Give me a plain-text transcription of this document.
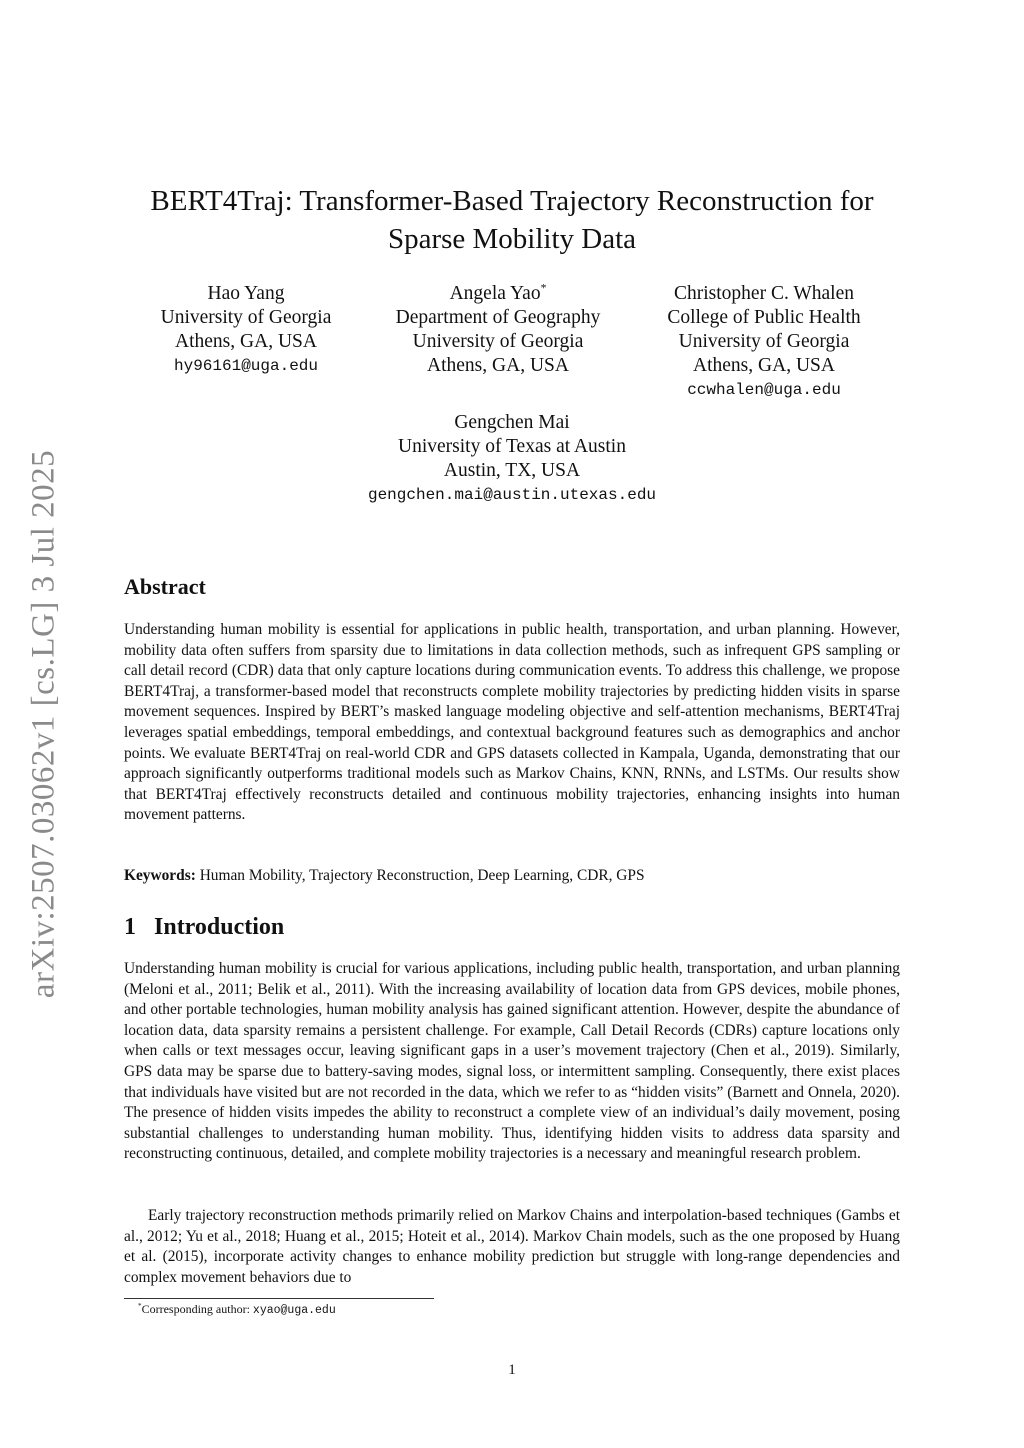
arXiv:2507.03062v1 [cs.LG] 3 Jul 2025
BERT4Traj: Transformer-Based Trajectory Reconstruction for Sparse Mobility Data
Hao Yang
University of Georgia
Athens, GA, USA
hy96161@uga.edu
Angela Yao*
Department of Geography
University of Georgia
Athens, GA, USA
Christopher C. Whalen
College of Public Health
University of Georgia
Athens, GA, USA
ccwhalen@uga.edu
Gengchen Mai
University of Texas at Austin
Austin, TX, USA
gengchen.mai@austin.utexas.edu
Abstract

Understanding human mobility is essential for applications in public health, transportation, and urban planning. However, mobility data often suffers from sparsity due to limitations in data collection methods, such as infrequent GPS sampling or call detail record (CDR) data that only capture locations during communication events. To address this challenge, we propose BERT4Traj, a transformer-based model that reconstructs complete mobility trajectories by predicting hidden visits in sparse movement sequences. Inspired by BERT’s masked language modeling objective and self-attention mechanisms, BERT4Traj leverages spatial embeddings, temporal embeddings, and contextual background features such as demographics and anchor points. We evaluate BERT4Traj on real-world CDR and GPS datasets collected in Kampala, Uganda, demonstrating that our approach significantly outperforms traditional models such as Markov Chains, KNN, RNNs, and LSTMs. Our results show that BERT4Traj effectively reconstructs detailed and continuous mobility trajectories, enhancing insights into human movement patterns.

Keywords: Human Mobility, Trajectory Reconstruction, Deep Learning, CDR, GPS

1 Introduction

Understanding human mobility is crucial for various applications, including public health, transportation, and urban planning (Meloni et al., 2011; Belik et al., 2011). With the increasing availability of location data from GPS devices, mobile phones, and other portable technologies, human mobility analysis has gained significant attention. However, despite the abundance of location data, data sparsity remains a persistent challenge. For example, Call Detail Records (CDRs) capture locations only when calls or text messages occur, leaving significant gaps in a user’s movement trajectory (Chen et al., 2019). Similarly, GPS data may be sparse due to battery-saving modes, signal loss, or intermittent sampling. Consequently, there exist places that individuals have visited but are not recorded in the data, which we refer to as “hidden visits” (Barnett and Onnela, 2020). The presence of hidden visits impedes the ability to reconstruct a complete view of an individual’s daily movement, posing substantial challenges to understanding human mobility. Thus, identifying hidden visits to address data sparsity and reconstructing continuous, detailed, and complete mobility trajectories is a necessary and meaningful research problem.

Early trajectory reconstruction methods primarily relied on Markov Chains and interpolation-based techniques (Gambs et al., 2012; Yu et al., 2018; Huang et al., 2015; Hoteit et al., 2014). Markov Chain models, such as the one proposed by Huang et al. (2015), incorporate activity changes to enhance mobility prediction but struggle with long-range dependencies and complex movement behaviors due to

*Corresponding author: xyao@uga.edu
1
